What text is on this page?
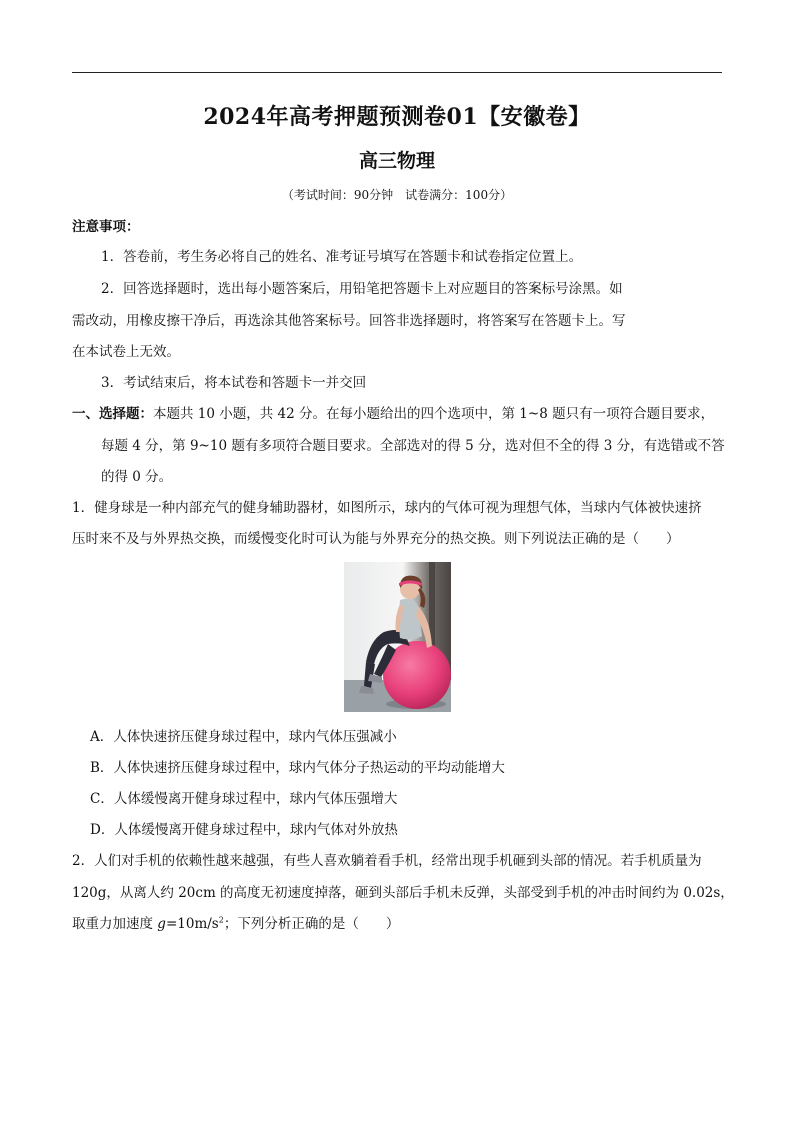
2024年高考押题预测卷01【安徽卷】
高三物理
（考试时间：90分钟　试卷满分：100分）
注意事项：
1．答卷前，考生务必将自己的姓名、准考证号填写在答题卡和试卷指定位置上。
2．回答选择题时，选出每小题答案后，用铅笔把答题卡上对应题目的答案标号涂黑。如
需改动，用橡皮擦干净后，再选涂其他答案标号。回答非选择题时，将答案写在答题卡上。写
在本试卷上无效。
3．考试结束后，将本试卷和答题卡一并交回
一、选择题：本题共 10 小题，共 42 分。在每小题给出的四个选项中，第 1~8 题只有一项符合题目要求，
每题 4 分，第 9~10 题有多项符合题目要求。全部选对的得 5 分，选对但不全的得 3 分，有选错或不答
的得 0 分。
1．健身球是一种内部充气的健身辅助器材，如图所示，球内的气体可视为理想气体，当球内气体被快速挤
压时来不及与外界热交换，而缓慢变化时可认为能与外界充分的热交换。则下列说法正确的是（　　）
A．人体快速挤压健身球过程中，球内气体压强减小
B．人体快速挤压健身球过程中，球内气体分子热运动的平均动能增大
C．人体缓慢离开健身球过程中，球内气体压强增大
D．人体缓慢离开健身球过程中，球内气体对外放热
2．人们对手机的依赖性越来越强，有些人喜欢躺着看手机，经常出现手机砸到头部的情况。若手机质量为
120g，从离人约 20cm 的高度无初速度掉落，砸到头部后手机未反弹，头部受到手机的冲击时间约为 0.02s，
取重力加速度 $g=10m/s^2$；下列分析正确的是（　　）
